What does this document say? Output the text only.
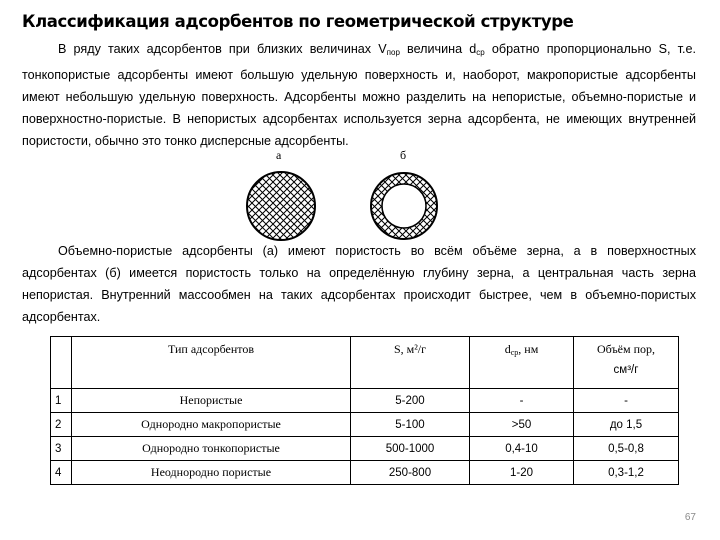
Классификация адсорбентов по геометрической структуре
В ряду таких адсорбентов при близких величинах $V_{пор}$ величина $d_{ср}$ обратно пропорционально S, т.е. тонкопористые адсорбенты имеют большую удельную поверхность и, наоборот, макропористые адсорбенты имеют небольшую удельную поверхность. Адсорбенты можно разделить на непористые, объемно-пористые и поверхностно-пористые. В непористых адсорбентах используется зерна адсорбента, не имеющих внутренней пористости, обычно это тонко дисперсные адсорбенты.
а	б
Объемно-пористые адсорбенты (а) имеют пористость во всём объёме зерна, а в поверхностных адсорбентах (б) имеется пористость только на определённую глубину зерна, а центральная часть зерна непористая. Внутренний массообмен на таких адсорбентах происходит быстрее, чем в объемно-пористых адсорбентах.
	Тип адсорбентов	S, м²/г	$d_{ср}$, нм	Объём пор,
см³/г
1	Непористые	5-200	-	-
2	Однородно макропористые	5-100	>50	до 1,5
3	Однородно тонкопористые	500-1000	0,4-10	0,5-0,8
4	Неоднородно пористые	250-800	1-20	0,3-1,2
67
